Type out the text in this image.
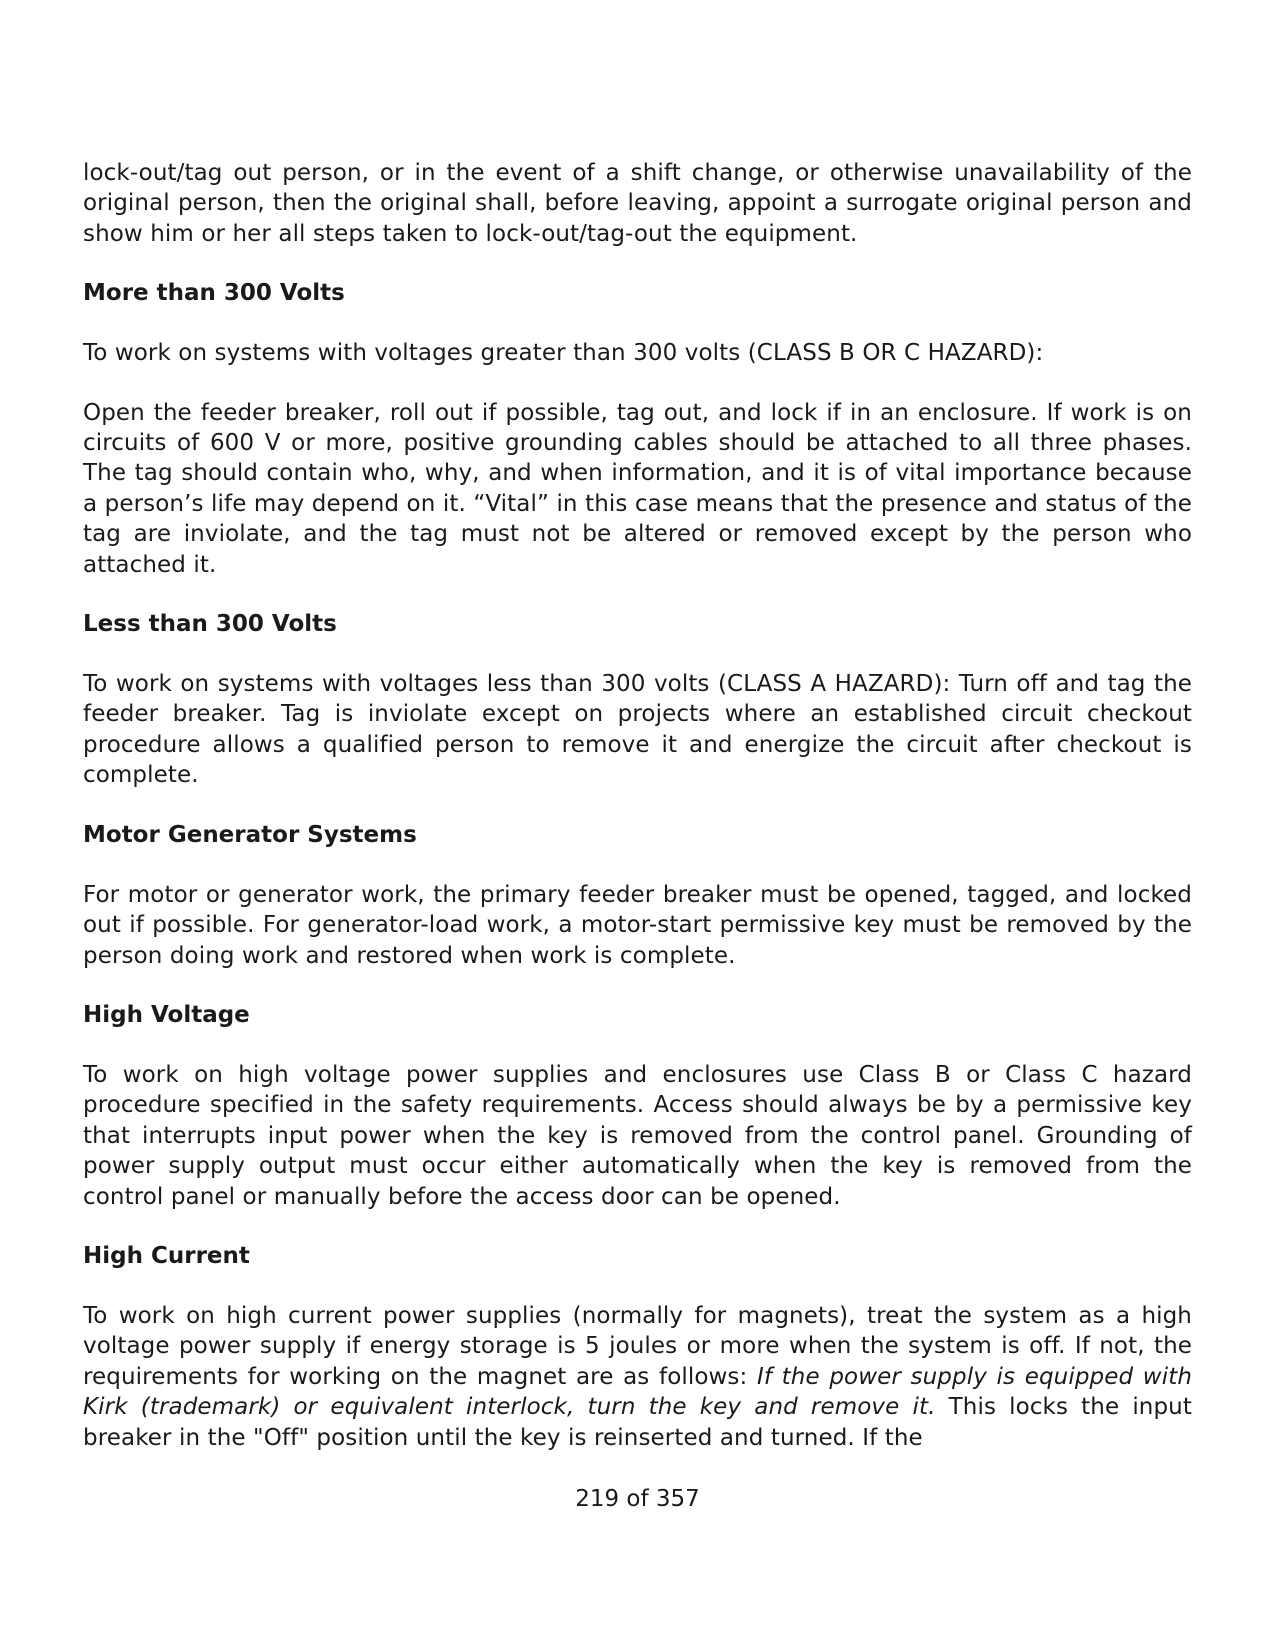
lock-out/tag out person, or in the event of a shift change, or otherwise unavailability of the original person, then the original shall, before leaving, appoint a surrogate original person and show him or her all steps taken to lock-out/tag-out the equipment.

More than 300 Volts

To work on systems with voltages greater than 300 volts (CLASS B OR C HAZARD):

Open the feeder breaker, roll out if possible, tag out, and lock if in an enclosure. If work is on circuits of 600 V or more, positive grounding cables should be attached to all three phases. The tag should contain who, why, and when information, and it is of vital importance because a person’s life may depend on it. “Vital” in this case means that the presence and status of the tag are inviolate, and the tag must not be altered or removed except by the person who attached it.

Less than 300 Volts

To work on systems with voltages less than 300 volts (CLASS A HAZARD): Turn off and tag the feeder breaker. Tag is inviolate except on projects where an established circuit checkout procedure allows a qualified person to remove it and energize the circuit after checkout is complete.

Motor Generator Systems

For motor or generator work, the primary feeder breaker must be opened, tagged, and locked out if possible. For generator-load work, a motor-start permissive key must be removed by the person doing work and restored when work is complete.

High Voltage

To work on high voltage power supplies and enclosures use Class B or Class C hazard procedure specified in the safety requirements. Access should always be by a permissive key that interrupts input power when the key is removed from the control panel. Grounding of power supply output must occur either automatically when the key is removed from the control panel or manually before the access door can be opened.

High Current

To work on high current power supplies (normally for magnets), treat the system as a high voltage power supply if energy storage is 5 joules or more when the system is off. If not, the requirements for working on the magnet are as follows: If the power supply is equipped with Kirk (trademark) or equivalent interlock, turn the key and remove it. This locks the input breaker in the "Off" position until the key is reinserted and turned. If the

219 of 357
